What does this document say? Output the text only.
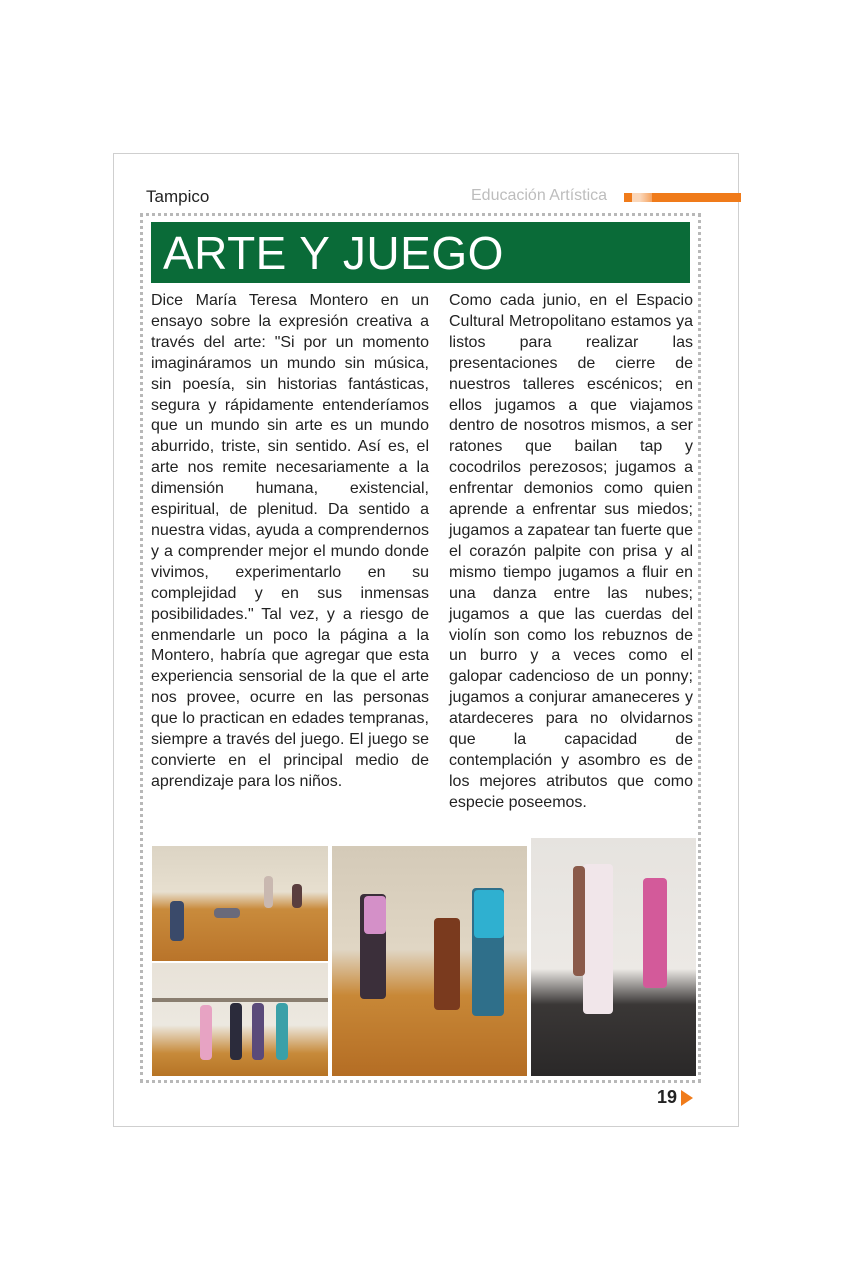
Tampico	Educación Artística
ARTE Y JUEGO
Dice María Teresa Montero en un ensayo sobre la expresión creativa a través del arte: "Si por un momento imagináramos un mundo sin música, sin poesía, sin historias fantásticas, segura y rápidamente entenderíamos que un mundo sin arte es un mundo aburrido, triste, sin sentido. Así es, el arte nos remite necesariamente a la dimensión humana, existencial, espiritual, de plenitud. Da sentido a nuestra vidas, ayuda a comprendernos y a comprender mejor el mundo donde vivimos, experimentarlo en su complejidad y en sus inmensas posibilidades." Tal vez, y a riesgo de enmendarle un poco la página a la Montero, habría que agregar que esta experiencia sensorial de la que el arte nos provee, ocurre en las personas que lo practican en edades tempranas, siempre a través del juego. El juego se convierte en el principal medio de aprendizaje para los niños.
Como cada junio, en el Espacio Cultural Metropolitano estamos ya listos para realizar las presentaciones de cierre de nuestros talleres escénicos; en ellos jugamos a que viajamos dentro de nosotros mismos, a ser ratones que bailan tap y cocodrilos perezosos; jugamos a enfrentar demonios como quien aprende a enfrentar sus miedos; jugamos a zapatear tan fuerte que el corazón palpite con prisa y al mismo tiempo jugamos a fluir en una danza entre las nubes; jugamos a que las cuerdas del violín son como los rebuznos de un burro y a veces como el galopar cadencioso de un ponny; jugamos a conjurar amaneceres y atardeceres para no olvidarnos que la capacidad de contemplación y asombro es de los mejores atributos que como especie poseemos.
19
